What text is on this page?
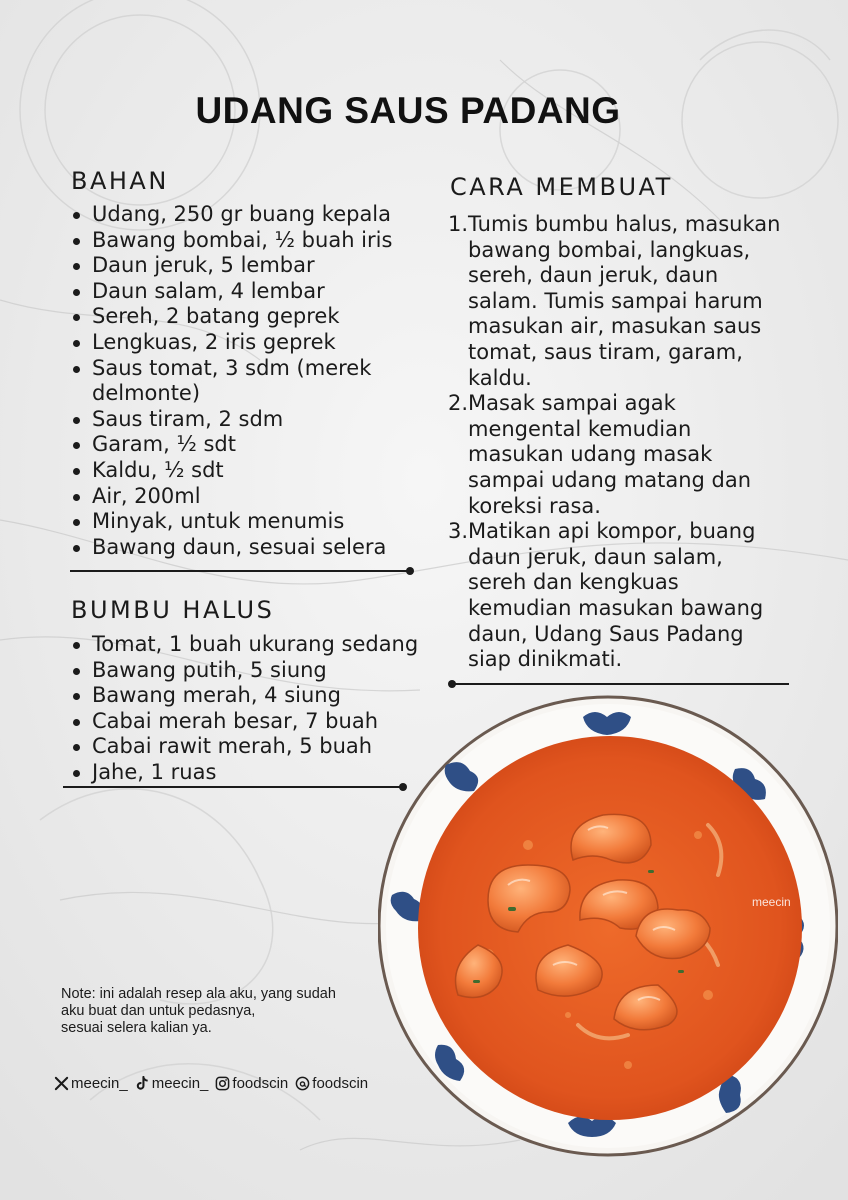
UDANG SAUS PADANG
BAHAN
Udang, 250 gr buang kepala
Bawang bombai, ½ buah iris
Daun jeruk, 5 lembar
Daun salam, 4 lembar
Sereh, 2 batang geprek
Lengkuas, 2 iris geprek
Saus tomat, 3 sdm (merek delmonte)
Saus tiram, 2 sdm
Garam, ½ sdt
Kaldu, ½ sdt
Air, 200ml
Minyak, untuk menumis
Bawang daun, sesuai selera
BUMBU HALUS
Tomat, 1 buah ukurang sedang
Bawang putih, 5 siung
Bawang merah, 4 siung
Cabai merah besar, 7 buah
Cabai rawit merah, 5 buah
Jahe, 1 ruas
CARA MEMBUAT
1. Tumis bumbu halus, masukan bawang bombai, langkuas, sereh, daun jeruk, daun salam. Tumis sampai harum masukan air, masukan saus tomat, saus tiram, garam, kaldu.
2. Masak sampai agak mengental kemudian masukan udang masak sampai udang matang dan koreksi rasa.
3. Matikan api kompor, buang daun jeruk, daun salam, sereh dan kengkuas kemudian masukan bawang daun, Udang Saus Padang siap dinikmati.
meecin
Note: ini adalah resep ala aku, yang sudah
aku buat dan untuk pedasnya,
sesuai selera kalian ya.
meecin_ meecin_ foodscin foodscin
